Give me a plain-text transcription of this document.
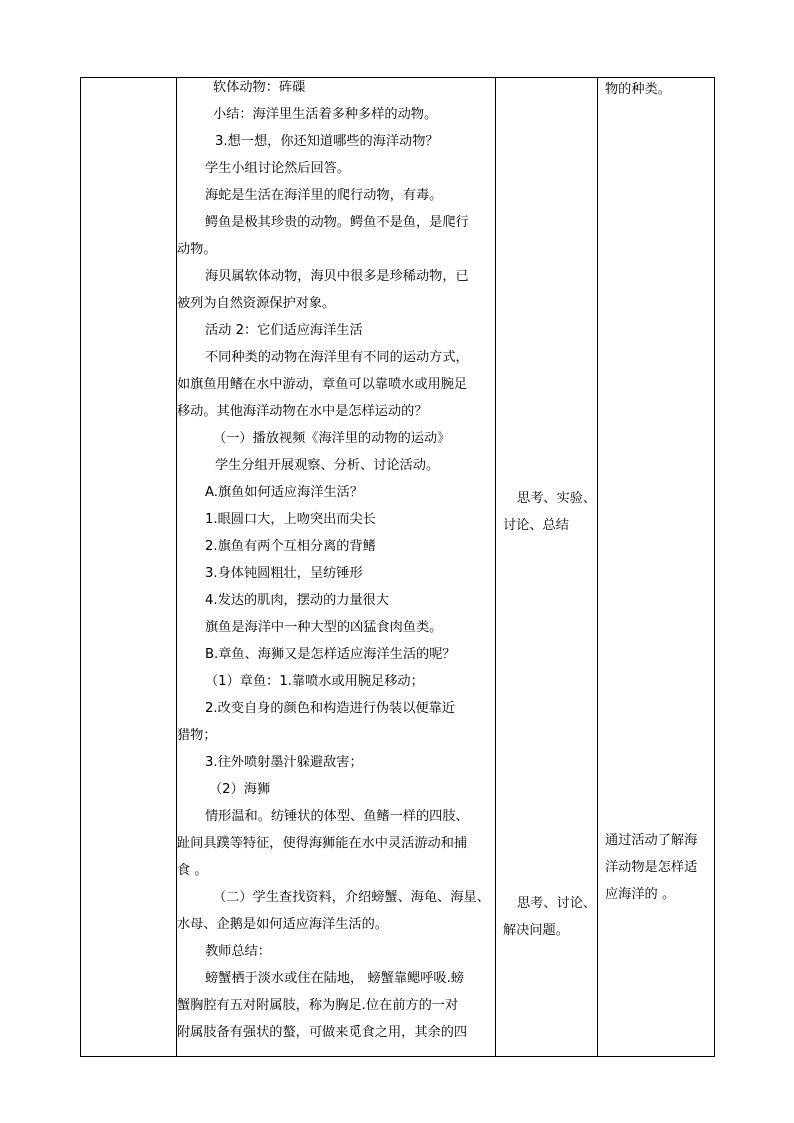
软体动物：砗磲
小结：海洋里生活着多种多样的动物。
3.想一想，你还知道哪些的海洋动物？
学生小组讨论然后回答。
海蛇是生活在海洋里的爬行动物，有毒。
鳄鱼是极其珍贵的动物。鳄鱼不是鱼，是爬行
动物。
海贝属软体动物，海贝中很多是珍稀动物，已
被列为自然资源保护对象。
活动 2：它们适应海洋生活
不同种类的动物在海洋里有不同的运动方式，
如旗鱼用鳍在水中游动，章鱼可以靠喷水或用腕足
移动。其他海洋动物在水中是怎样运动的？
（一）播放视频《海洋里的动物的运动》
学生分组开展观察、分析、讨论活动。
A.旗鱼如何适应海洋生活？
1.眼圆口大，上吻突出而尖长
2.旗鱼有两个互相分离的背鳍
3.身体钝圆粗壮，呈纺锤形
4.发达的肌肉，摆动的力量很大
旗鱼是海洋中一种大型的凶猛食肉鱼类。
B.章鱼、海狮又是怎样适应海洋生活的呢？
（1）章鱼：1.靠喷水或用腕足移动；
2.改变自身的颜色和构造进行伪装以便靠近
猎物；
3.往外喷射墨汁躲避敌害；
（2）海狮
情形温和。纺锤状的体型、鱼鳍一样的四肢、
趾间具蹼等特征，使得海狮能在水中灵活游动和捕
食 。
（二）学生查找资料，介绍螃蟹、海龟、海星、
水母、企鹅是如何适应海洋生活的。
教师总结：
螃蟹栖于淡水或住在陆地， 螃蟹靠鳃呼吸.螃
蟹胸腔有五对附属肢，称为胸足.位在前方的一对
附属肢备有强状的螯，可做来觅食之用，其余的四
思考、实验、
讨论、总结
思考、讨论、
解决问题。
物的种类。
通过活动了解海
洋动物是怎样适
应海洋的 。
